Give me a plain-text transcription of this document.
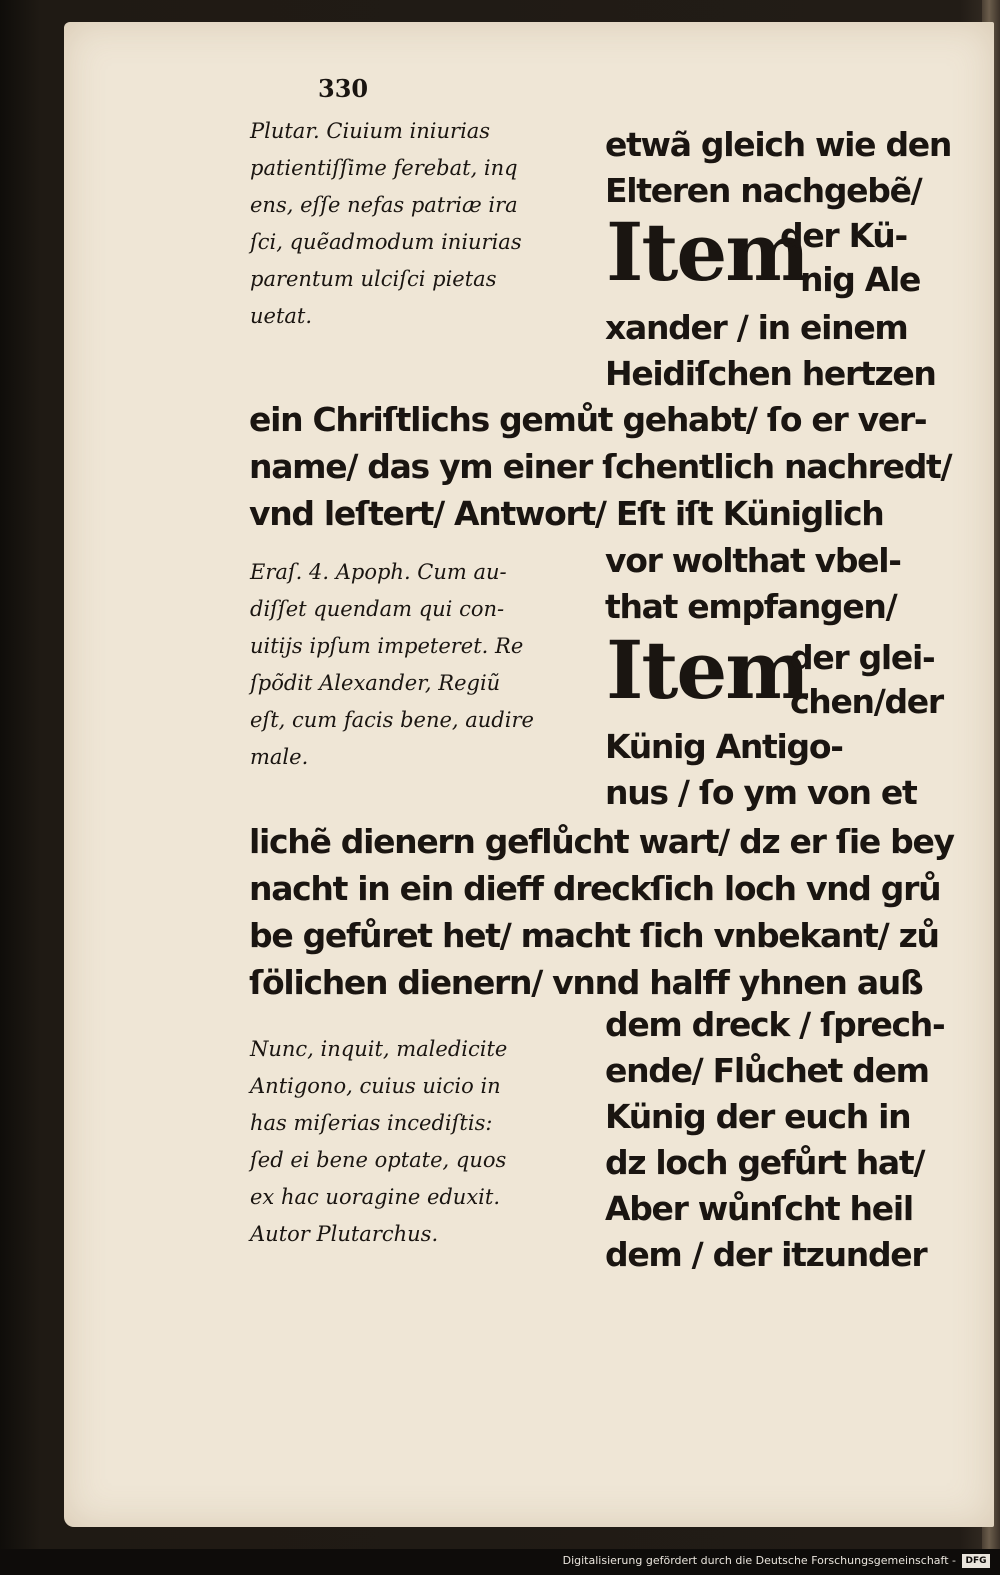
330
Plutar. Ciuium iniurias
patientiſſime ferebat, inq
ens, eſſe nefas patriæ ira
ſci, quẽadmodum iniurias
parentum ulciſci pietas
uetat.
Eraſ. 4. Apoph. Cum au-
diſſet quendam qui con-
uitijs ipſum impeteret. Re
ſpõdit Alexander, Regiũ
eſt, cum facis bene, audire
male.
Nunc, inquit, maledicite
Antigono, cuius uicio in
has miſerias incediſtis:
ſed ei bene optate, quos
ex hac uoragine eduxit.
Autor Plutarchus.
etwã gleich wie den
Elteren nachgebẽ/
Item
der Kü-
nig Ale
xander / in einem
Heidiſchen hertzen
ein Chriſtlichs gemůt gehabt/ ſo er ver-
name/ das ym einer ſchentlich nachredt/
vnd leſtert/ Antwort/ Eſt iſt Küniglich
vor wolthat vbel-
that empfangen/
Item
der glei-
chen/der
Künig Antigo-
nus / ſo ym von et
lichẽ dienern geflůcht wart/ dz er ſie bey
nacht in ein dieff dreckſich loch vnd grů
be gefůret het/ macht ſich vnbekant/ zů
ſölichen dienern/ vnnd halff yhnen auß
dem dreck / ſprech-
ende/ Flůchet dem
Künig der euch in
dz loch gefůrt hat/
Aber wůnſcht heil
dem / der itzunder
Digitalisierung gefördert durch die Deutsche Forschungsgemeinschaft -	DFG
